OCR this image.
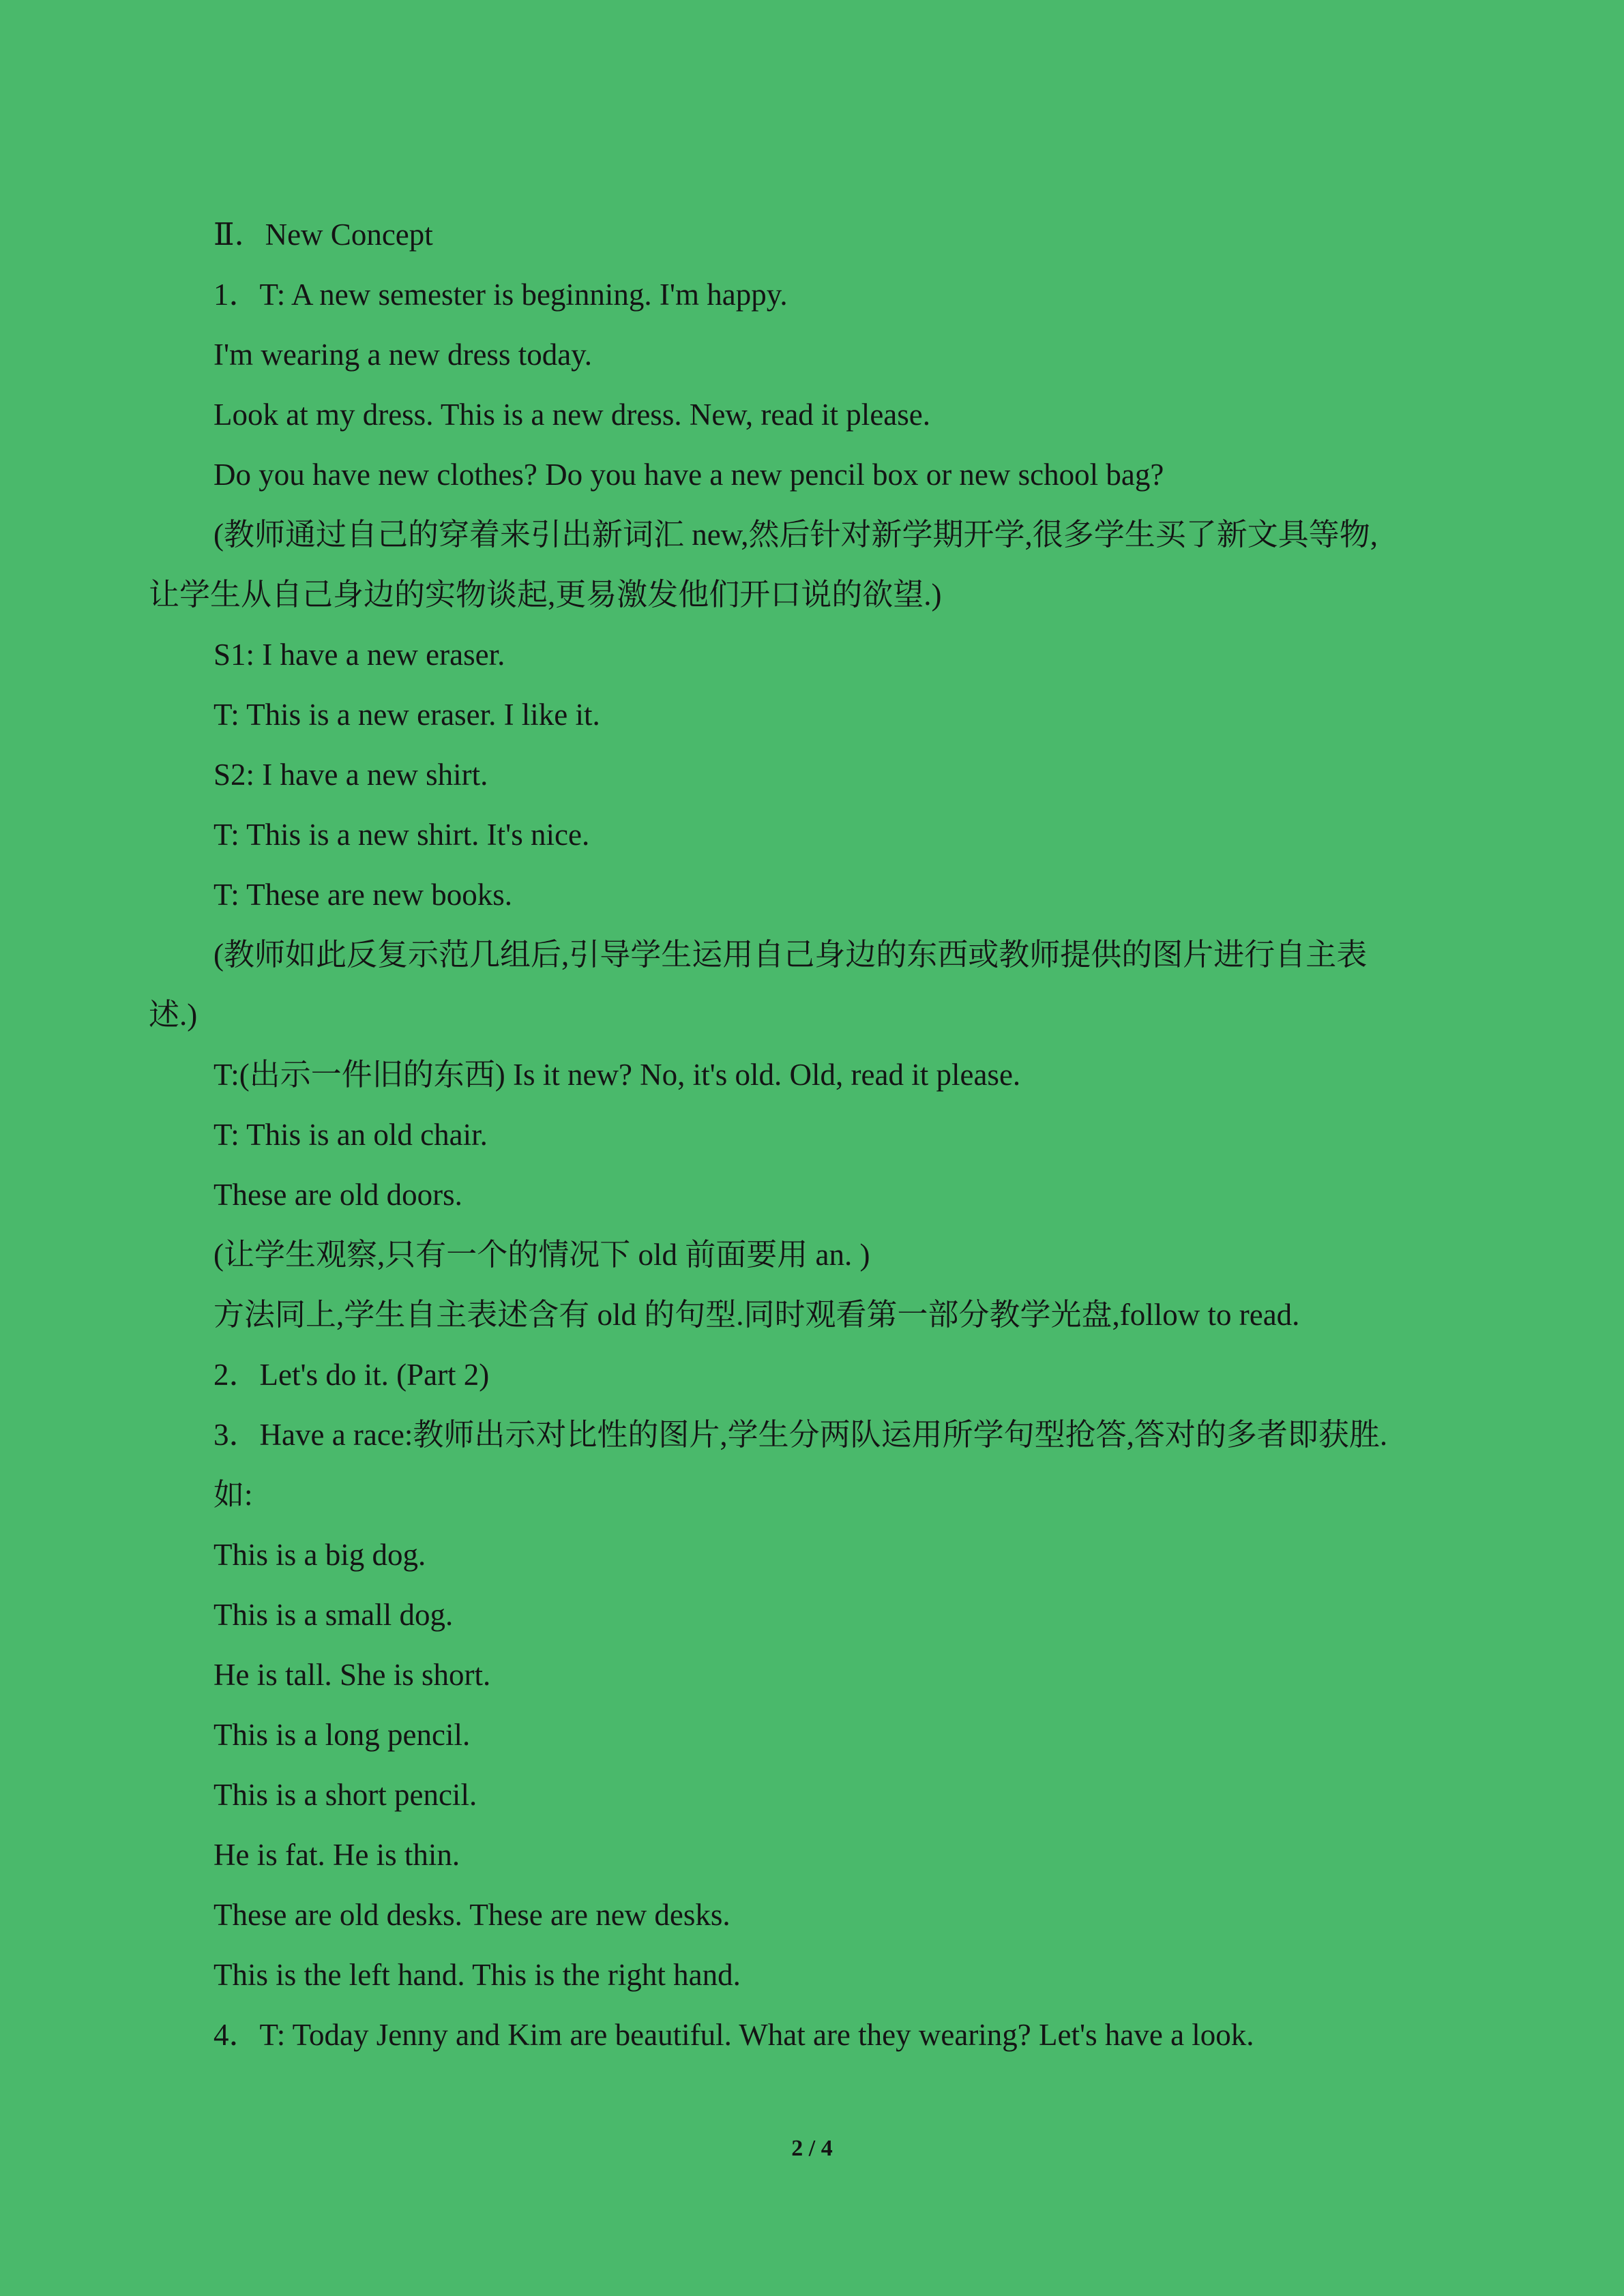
Ⅱ．New Concept
1．T: A new semester is beginning. I'm happy.
I'm wearing a new dress today.
Look at my dress. This is a new dress. New, read it please.
Do you have new clothes? Do you have a new pencil box or new school bag?
(教师通过自己的穿着来引出新词汇 new,然后针对新学期开学,很多学生买了新文具等物,
让学生从自己身边的实物谈起,更易激发他们开口说的欲望.)
S1: I have a new eraser.
T: This is a new eraser. I like it.
S2: I have a new shirt.
T: This is a new shirt. It's nice.
T: These are new books.
(教师如此反复示范几组后,引导学生运用自己身边的东西或教师提供的图片进行自主表
述.)
T:(出示一件旧的东西) Is it new? No, it's old. Old, read it please.
T: This is an old chair.
These are old doors.
(让学生观察,只有一个的情况下 old 前面要用 an. )
方法同上,学生自主表述含有 old 的句型.同时观看第一部分教学光盘,follow to read.
2．Let's do it. (Part 2)
3．Have a race:教师出示对比性的图片,学生分两队运用所学句型抢答,答对的多者即获胜.
如:
This is a big dog.
This is a small dog.
He is tall. She is short.
This is a long pencil.
This is a short pencil.
He is fat. He is thin.
These are old desks. These are new desks.
This is the left hand. This is the right hand.
4．T: Today Jenny and Kim are beautiful. What are they wearing? Let's have a look.
2 / 4
